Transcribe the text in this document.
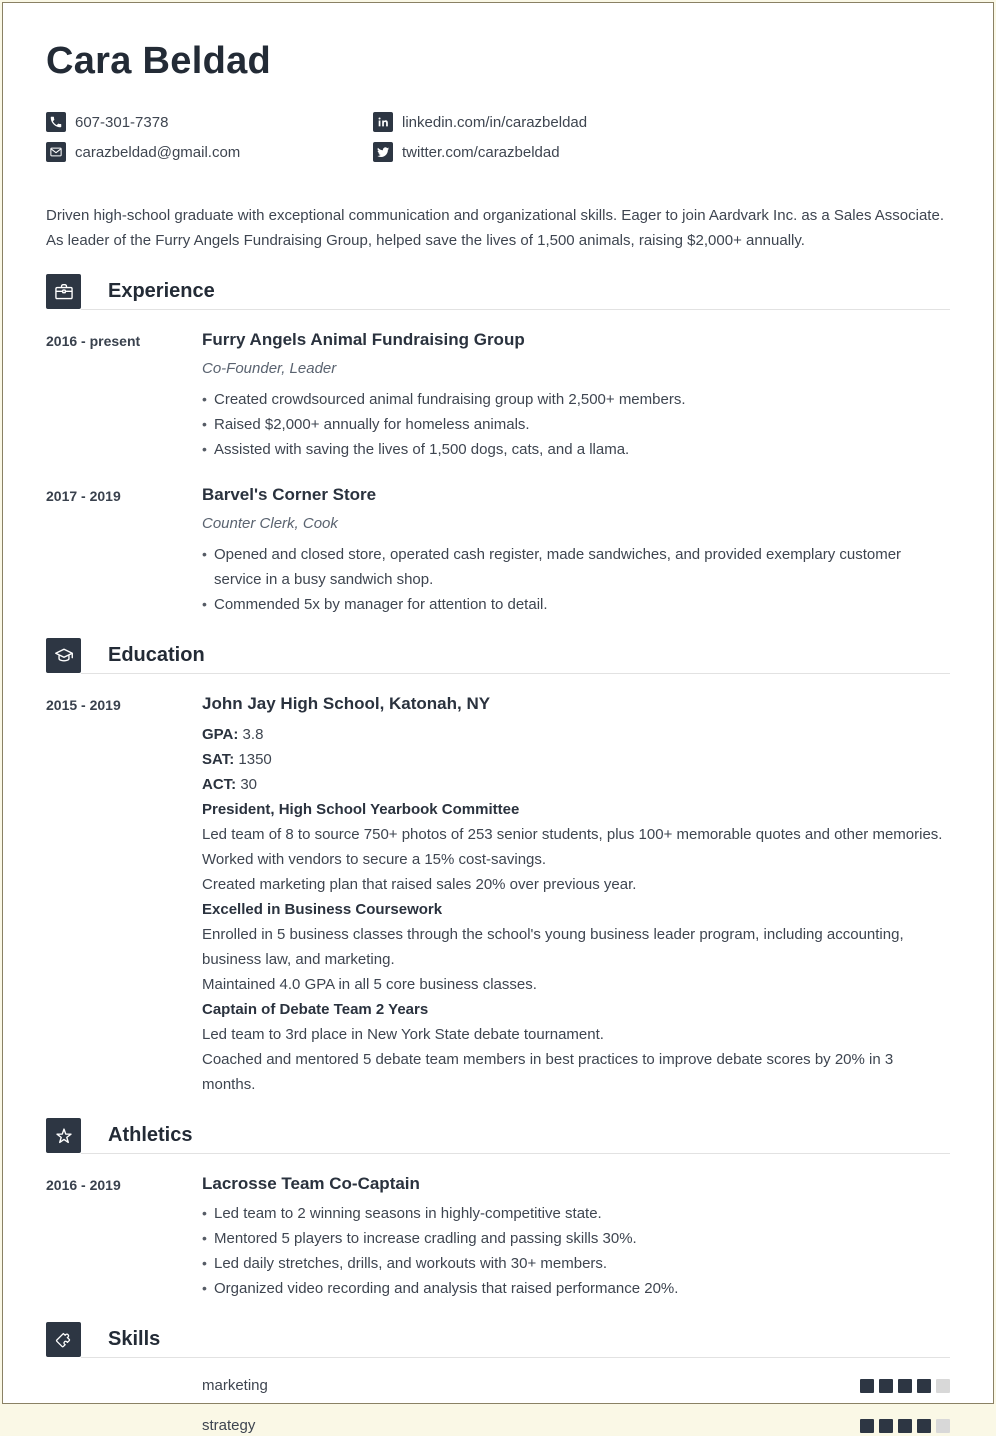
Cara Beldad
607-301-7378
carazbeldad@gmail.com
linkedin.com/in/carazbeldad
twitter.com/carazbeldad

Driven high-school graduate with exceptional communication and organizational skills. Eager to join Aardvark Inc. as a Sales Associate. As leader of the Furry Angels Fundraising Group, helped save the lives of 1,500 animals, raising $2,000+ annually.

Experience
2016 - present	Furry Angels Animal Fundraising Group

Co-Founder, Leader

• Created crowdsourced animal fundraising group with 2,500+ members.
• Raised $2,000+ annually for homeless animals.
• Assisted with saving the lives of 1,500 dogs, cats, and a llama.
2017 - 2019	Barvel's Corner Store

Counter Clerk, Cook

• Opened and closed store, operated cash register, made sandwiches, and provided exemplary customer service in a busy sandwich shop.
• Commended 5x by manager for attention to detail.
Education
2015 - 2019	John Jay High School, Katonah, NY
GPA: 3.8
SAT: 1350
ACT: 30
President, High School Yearbook Committee
Led team of 8 to source 750+ photos of 253 senior students, plus 100+ memorable quotes and other memories.
Worked with vendors to secure a 15% cost-savings.
Created marketing plan that raised sales 20% over previous year.
Excelled in Business Coursework
Enrolled in 5 business classes through the school's young business leader program, including accounting, business law, and marketing.
Maintained 4.0 GPA in all 5 core business classes.
Captain of Debate Team 2 Years
Led team to 3rd place in New York State debate tournament.
Coached and mentored 5 debate team members in best practices to improve debate scores by 20% in 3 months.
Athletics
2016 - 2019	Lacrosse Team Co-Captain
• Led team to 2 winning seasons in highly-competitive state.
• Mentored 5 players to increase cradling and passing skills 30%.
• Led daily stretches, drills, and workouts with 30+ members.
• Organized video recording and analysis that raised performance 20%.
Skills
marketing
strategy
